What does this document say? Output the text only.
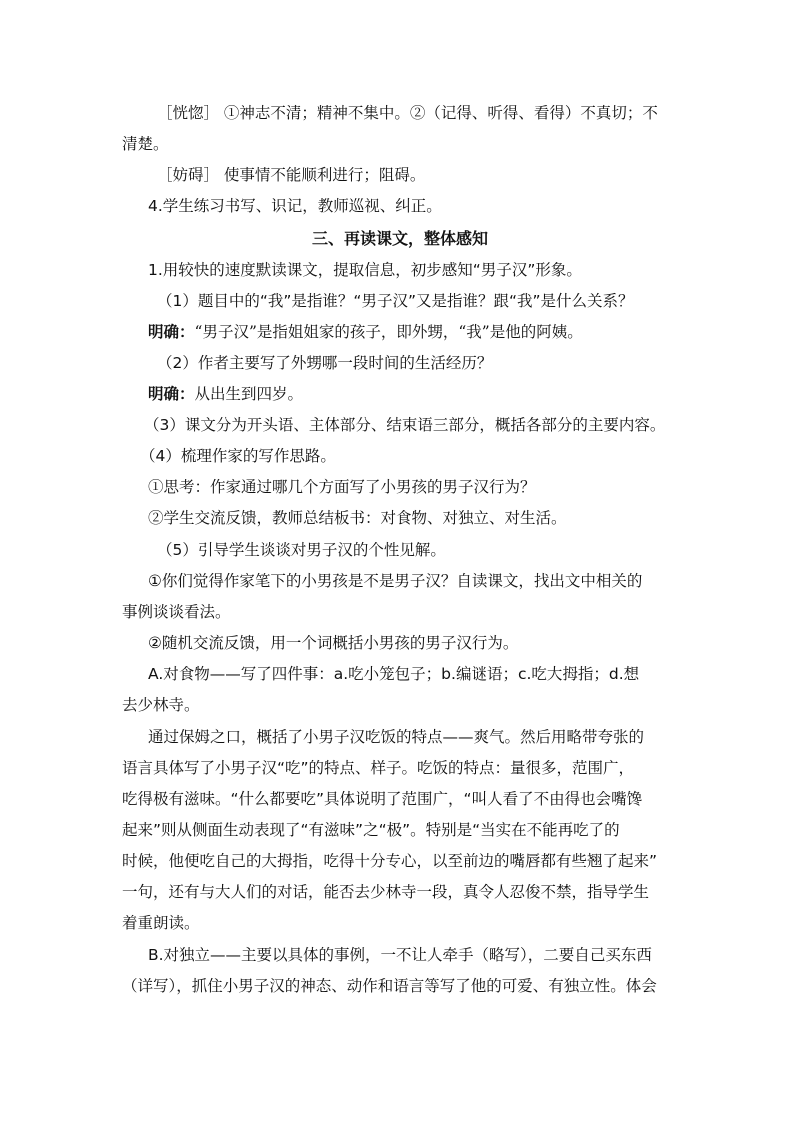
［恍惚］ ①神志不清；精神不集中。②（记得、听得、看得）不真切；不
清楚。
［妨碍］ 使事情不能顺利进行；阻碍。
4.学生练习书写、识记，教师巡视、纠正。
三、再读课文，整体感知
1.用较快的速度默读课文，提取信息，初步感知“男子汉”形象。
（1）题目中的“我”是指谁？“男子汉”又是指谁？跟“我”是什么关系？
明确：“男子汉”是指姐姐家的孩子，即外甥，“我”是他的阿姨。
（2）作者主要写了外甥哪一段时间的生活经历？
明确：从出生到四岁。
（3）课文分为开头语、主体部分、结束语三部分，概括各部分的主要内容。
（4）梳理作家的写作思路。
①思考：作家通过哪几个方面写了小男孩的男子汉行为？
②学生交流反馈，教师总结板书：对食物、对独立、对生活。
（5）引导学生谈谈对男子汉的个性见解。
①你们觉得作家笔下的小男孩是不是男子汉？自读课文，找出文中相关的
事例谈谈看法。
②随机交流反馈，用一个词概括小男孩的男子汉行为。
A.对食物——写了四件事：a.吃小笼包子；b.编谜语；c.吃大拇指；d.想
去少林寺。
通过保姆之口，概括了小男子汉吃饭的特点——爽气。然后用略带夸张的
语言具体写了小男子汉“吃”的特点、样子。吃饭的特点：量很多，范围广，
吃得极有滋味。“什么都要吃”具体说明了范围广，“叫人看了不由得也会嘴馋
起来”则从侧面生动表现了“有滋味”之“极”。特别是“当实在不能再吃了的
时候，他便吃自己的大拇指，吃得十分专心，以至前边的嘴唇都有些翘了起来”
一句，还有与大人们的对话，能否去少林寺一段，真令人忍俊不禁，指导学生
着重朗读。
B.对独立——主要以具体的事例，一不让人牵手（略写），二要自己买东西
（详写），抓住小男子汉的神态、动作和语言等写了他的可爱、有独立性。体会
